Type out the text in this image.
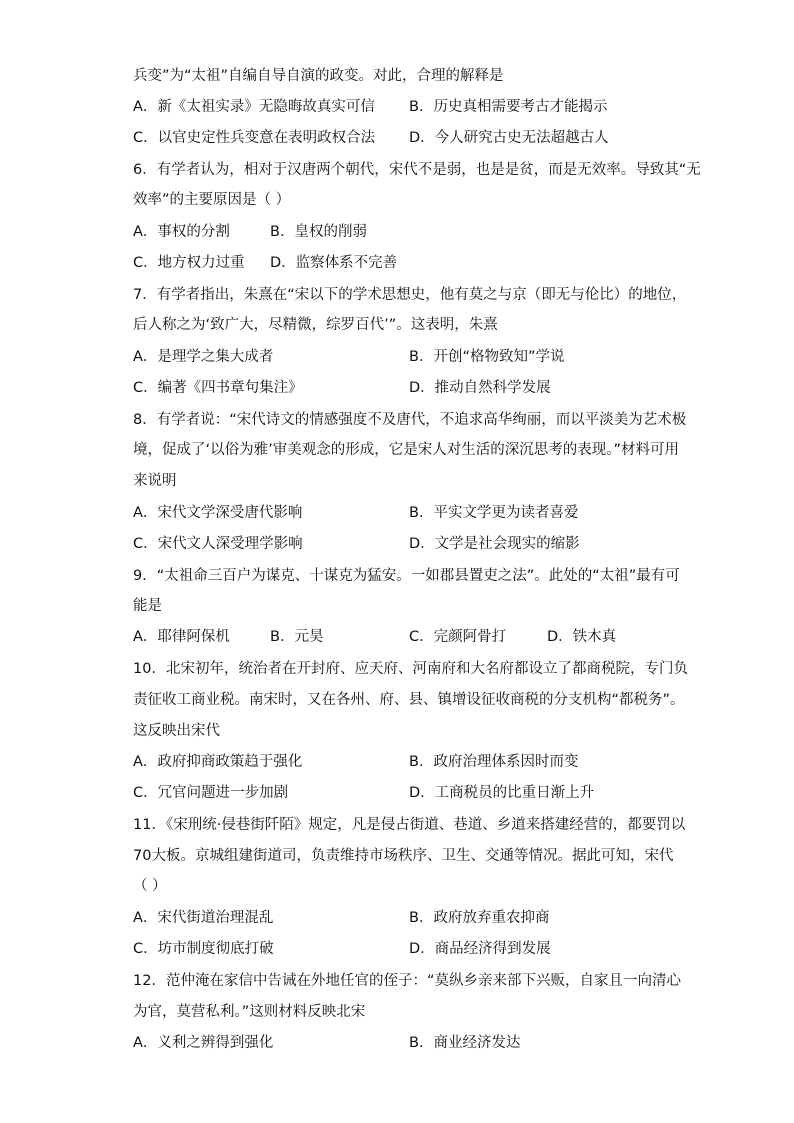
兵变”为“太祖”自编自导自演的政变。对此，合理的解释是
A．新《太祖实录》无隐晦故真实可信 B．历史真相需要考古才能揭示
C．以官史定性兵变意在表明政权合法 D．今人研究古史无法超越古人
6．有学者认为，相对于汉唐两个朝代，宋代不是弱，也是是贫，而是无效率。导致其“无
效率”的主要原因是（ ）
A．事权的分割	B．皇权的削弱
C．地方权力过重 D．监察体系不完善
7．有学者指出，朱熹在“宋以下的学术思想史，他有莫之与京（即无与伦比）的地位，
后人称之为‘致广大，尽精微，综罗百代’”。这表明，朱熹
A．是理学之集大成者	B．开创“格物致知”学说
C．编著《四书章句集注》	D．推动自然科学发展
8．有学者说：“宋代诗文的情感强度不及唐代，不追求高华绚丽，而以平淡美为艺术极
境，促成了‘以俗为雅’审美观念的形成，它是宋人对生活的深沉思考的表现。”材料可用
来说明
A．宋代文学深受唐代影响	B．平实文学更为读者喜爱
C．宋代文人深受理学影响	D．文学是社会现实的缩影
9．“太祖命三百户为谋克、十谋克为猛安。一如郡县置吏之法”。此处的“太祖”最有可
能是
A．耶律阿保机	B．元昊	C．完颜阿骨打	D．铁木真
10．北宋初年，统治者在开封府、应天府、河南府和大名府都设立了都商税院，专门负
责征收工商业税。南宋时，又在各州、府、县、镇增设征收商税的分支机构“都税务”。
这反映出宋代
A．政府抑商政策趋于强化	B．政府治理体系因时而变
C．冗官问题进一步加剧	D．工商税员的比重日渐上升
11．《宋刑统·侵巷街阡陌》规定，凡是侵占街道、巷道、乡道来搭建经营的，都要罚以
70大板。京城组建街道司，负责维持市场秩序、卫生、交通等情况。据此可知，宋代
（ ）
A．宋代街道治理混乱	B．政府放弃重农抑商
C．坊市制度彻底打破	D．商品经济得到发展
12．范仲淹在家信中告诫在外地任官的侄子：“莫纵乡亲来部下兴贩，自家且一向清心
为官，莫营私利。”这则材料反映北宋
A．义利之辨得到强化	B．商业经济发达
